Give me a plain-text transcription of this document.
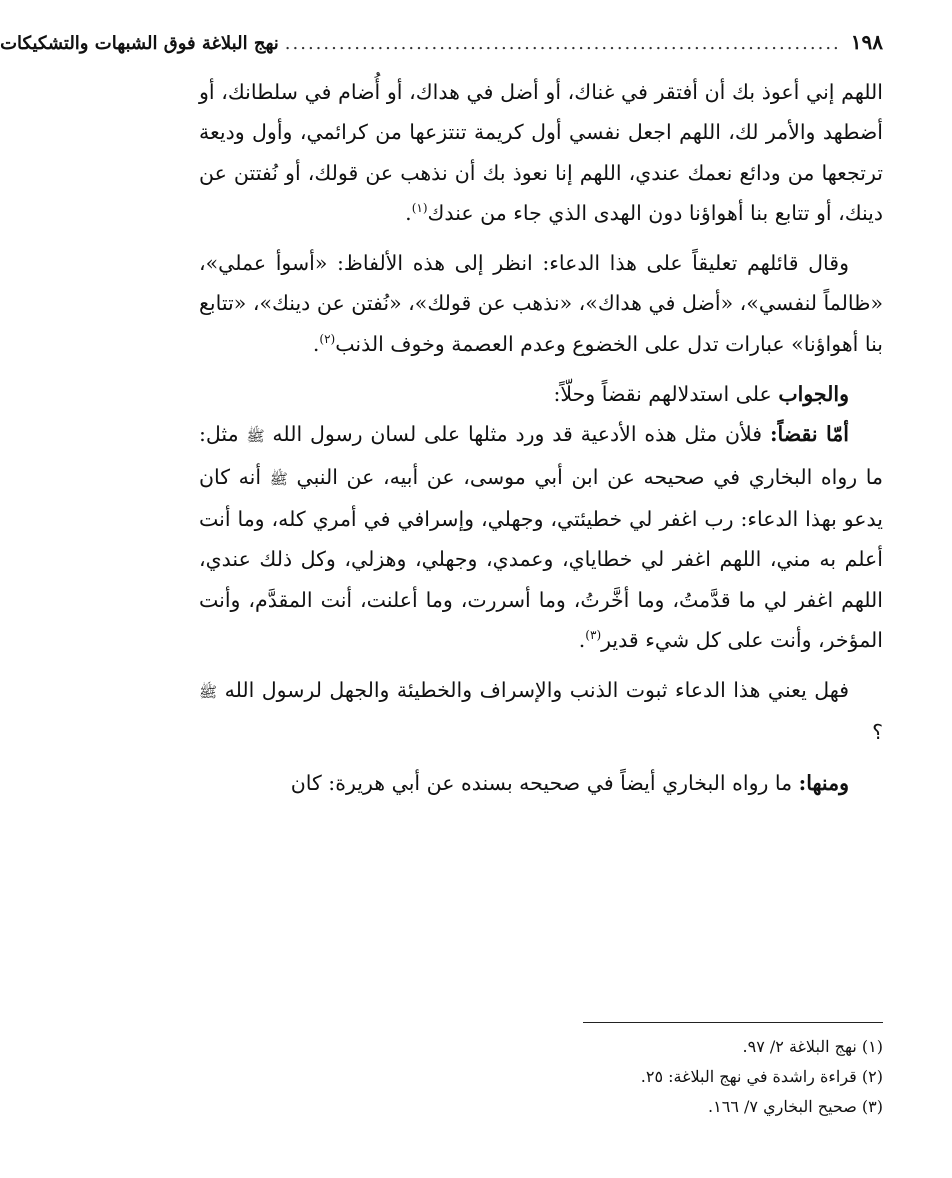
١٩٨
........................................................................
نهج البلاغة فوق الشبهات والتشكيكات

اللهم إني أعوذ بك أن أفتقر في غناك، أو أضل في هداك، أو أُضام في سلطانك، أو أضطهد والأمر لك، اللهم اجعل نفسي أول كريمة تنتزعها من كرائمي، وأول وديعة ترتجعها من ودائع نعمك عندي، اللهم إنا نعوذ بك أن نذهب عن قولك، أو نُفتتن عن دينك، أو تتابع بنا أهواؤنا دون الهدى الذي جاء من عندك$^{(١)}$.

وقال قائلهم تعليقاً على هذا الدعاء: انظر إلى هذه الألفاظ: «أسوأ عملي»، «ظالماً لنفسي»، «أضل في هداك»، «نذهب عن قولك»، «نُفتن عن دينك»، «تتابع بنا أهواؤنا» عبارات تدل على الخضوع وعدم العصمة وخوف الذنب$^{(٢)}$.

والجواب على استدلالهم نقضاً وحلّاً:

أمّا نقضاً: فلأن مثل هذه الأدعية قد ورد مثلها على لسان رسول الله ﷺ مثل: ما رواه البخاري في صحيحه عن ابن أبي موسى، عن أبيه، عن النبي ﷺ أنه كان يدعو بهذا الدعاء: رب اغفر لي خطيئتي، وجهلي، وإسرافي في أمري كله، وما أنت أعلم به مني، اللهم اغفر لي خطاياي، وعمدي، وجهلي، وهزلي، وكل ذلك عندي، اللهم اغفر لي ما قدَّمتُ، وما أخَّرتُ، وما أسررت، وما أعلنت، أنت المقدَّم، وأنت المؤخر، وأنت على كل شيء قدير$^{(٣)}$.

فهل يعني هذا الدعاء ثبوت الذنب والإسراف والخطيئة والجهل لرسول الله ﷺ ؟

ومنها: ما رواه البخاري أيضاً في صحيحه بسنده عن أبي هريرة: كان

(١) نهج البلاغة ٢/ ٩٧.

(٢) قراءة راشدة في نهج البلاغة: ٢٥.

(٣) صحيح البخاري ٧/ ١٦٦.
